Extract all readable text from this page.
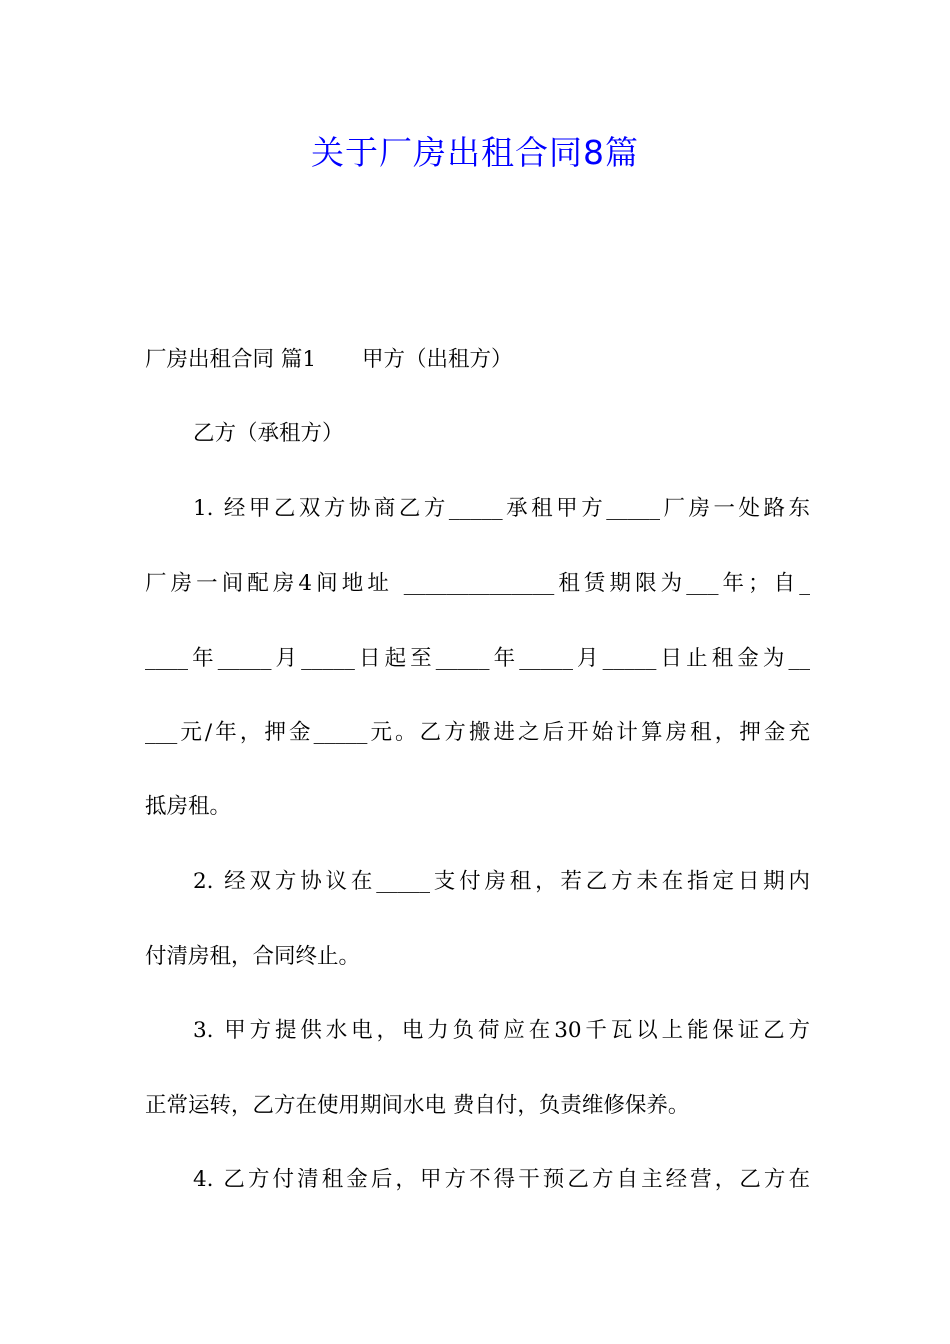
关于厂房出租合同8篇
厂房出租合同 篇1 甲方（出租方）
乙方（承租方）
1. 经甲乙双方协商乙方_____承租甲方_____厂房一处路东
厂房一间配房4间地址 ______________租赁期限为___年；自_
____年_____月_____日起至_____年_____月_____日止租金为__
___元/年，押金_____元。乙方搬进之后开始计算房租，押金充
抵房租。
2. 经双方协议在_____支付房租，若乙方未在指定日期内
付清房租，合同终止。
3. 甲方提供水电，电力负荷应在30千瓦以上能保证乙方
正常运转，乙方在使用期间水电 费自付，负责维修保养。
4. 乙方付清租金后，甲方不得干预乙方自主经营，乙方在
